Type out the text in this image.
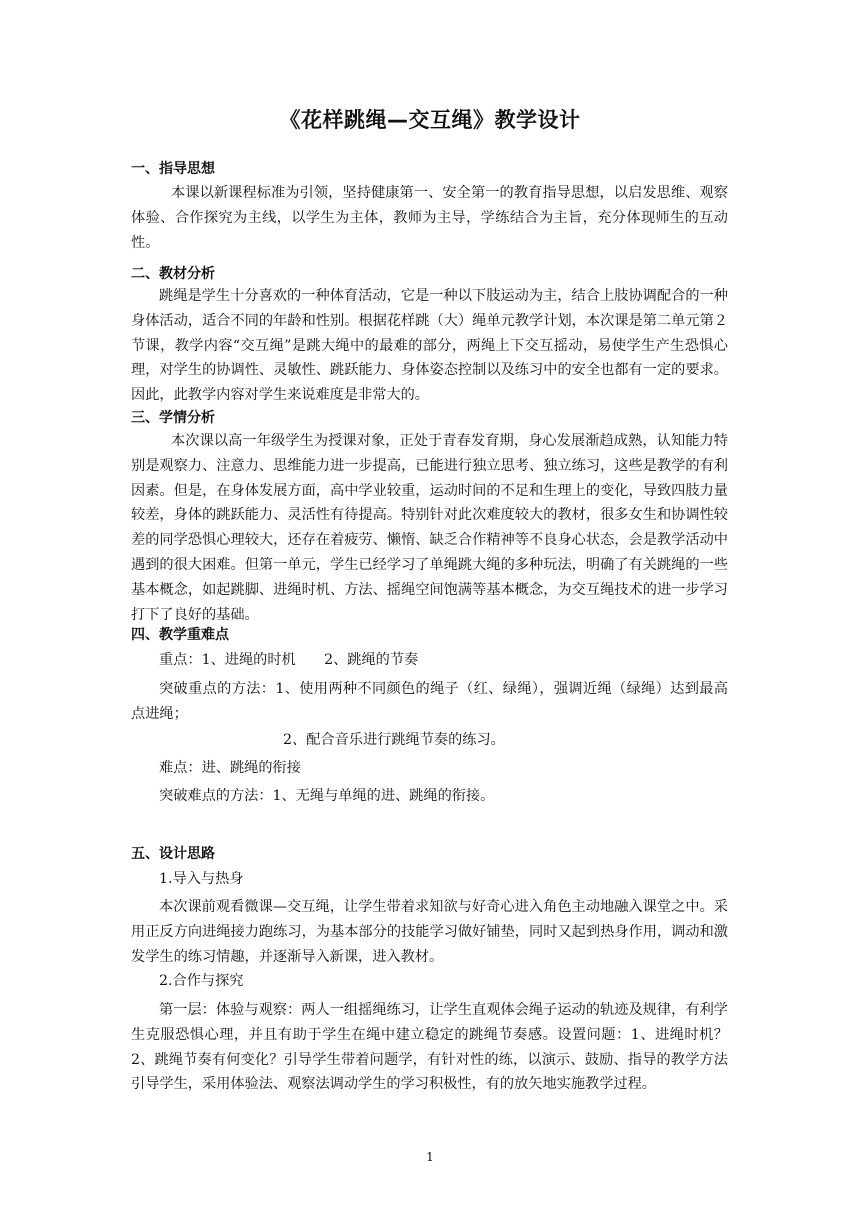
《花样跳绳—交互绳》教学设计
一、指导思想

本课以新课程标准为引领，坚持健康第一、安全第一的教育指导思想，以启发思维、观察体验、合作探究为主线，以学生为主体，教师为主导，学练结合为主旨，充分体现师生的互动性。

二、教材分析

跳绳是学生十分喜欢的一种体育活动，它是一种以下肢运动为主，结合上肢协调配合的一种身体活动，适合不同的年龄和性别。根据花样跳（大）绳单元教学计划，本次课是第二单元第２节课，教学内容“交互绳”是跳大绳中的最难的部分，两绳上下交互摇动，易使学生产生恐惧心理，对学生的协调性、灵敏性、跳跃能力、身体姿态控制以及练习中的安全也都有一定的要求。因此，此教学内容对学生来说难度是非常大的。

三、学情分析

本次课以高一年级学生为授课对象，正处于青春发育期，身心发展渐趋成熟，认知能力特别是观察力、注意力、思维能力进一步提高，已能进行独立思考、独立练习，这些是教学的有利因素。但是，在身体发展方面，高中学业较重，运动时间的不足和生理上的变化，导致四肢力量较差，身体的跳跃能力、灵活性有待提高。特别针对此次难度较大的教材，很多女生和协调性较差的同学恐惧心理较大，还存在着疲劳、懒惰、缺乏合作精神等不良身心状态，会是教学活动中遇到的很大困难。但第一单元，学生已经学习了单绳跳大绳的多种玩法，明确了有关跳绳的一些基本概念，如起跳脚、进绳时机、方法、摇绳空间饱满等基本概念，为交互绳技术的进一步学习打下了良好的基础。

四、教学重难点

重点：1、进绳的时机　　2、跳绳的节奏

突破重点的方法：1、使用两种不同颜色的绳子（红、绿绳），强调近绳（绿绳）达到最高点进绳；

2、配合音乐进行跳绳节奏的练习。

难点：进、跳绳的衔接

突破难点的方法：1、无绳与单绳的进、跳绳的衔接。

五、设计思路

1.导入与热身

本次课前观看微课—交互绳，让学生带着求知欲与好奇心进入角色主动地融入课堂之中。采用正反方向进绳接力跑练习，为基本部分的技能学习做好铺垫，同时又起到热身作用，调动和激发学生的练习情趣，并逐渐导入新课，进入教材。

2.合作与探究

第一层：体验与观察：两人一组摇绳练习，让学生直观体会绳子运动的轨迹及规律，有利学生克服恐惧心理，并且有助于学生在绳中建立稳定的跳绳节奏感。设置问题：1、进绳时机？2、跳绳节奏有何变化？引导学生带着问题学，有针对性的练，以演示、鼓励、指导的教学方法引导学生，采用体验法、观察法调动学生的学习积极性，有的放矢地实施教学过程。

1
